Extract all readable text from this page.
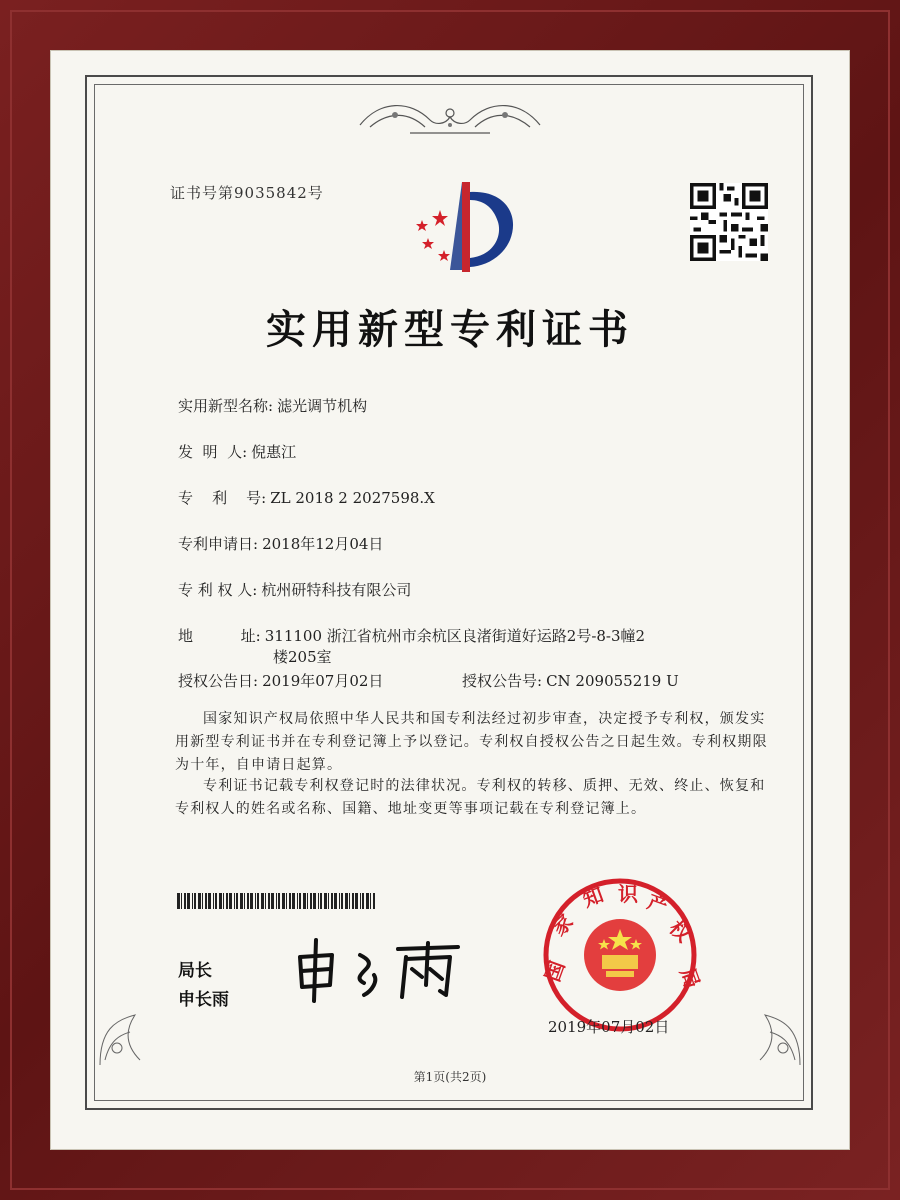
证书号第9035842号
实用新型专利证书
实用新型名称: 滤光调节机构
发  明  人: 倪惠江
专    利    号: ZL 2018 2 2027598.X
专利申请日: 2018年12月04日
专 利 权 人: 杭州研特科技有限公司
地          址: 311100 浙江省杭州市余杭区良渚街道好运路2号-8-3幢2
楼205室
授权公告日: 2019年07月02日	授权公告号: CN 209055219 U
国家知识产权局依照中华人民共和国专利法经过初步审查，决定授予专利权，颁发实用新型专利证书并在专利登记簿上予以登记。专利权自授权公告之日起生效。专利权期限为十年，自申请日起算。
专利证书记载专利权登记时的法律状况。专利权的转移、质押、无效、终止、恢复和专利权人的姓名或名称、国籍、地址变更等事项记载在专利登记簿上。
局长
申长雨
国
家
知 识 产
权
局
2019年07月02日
第1页(共2页)
